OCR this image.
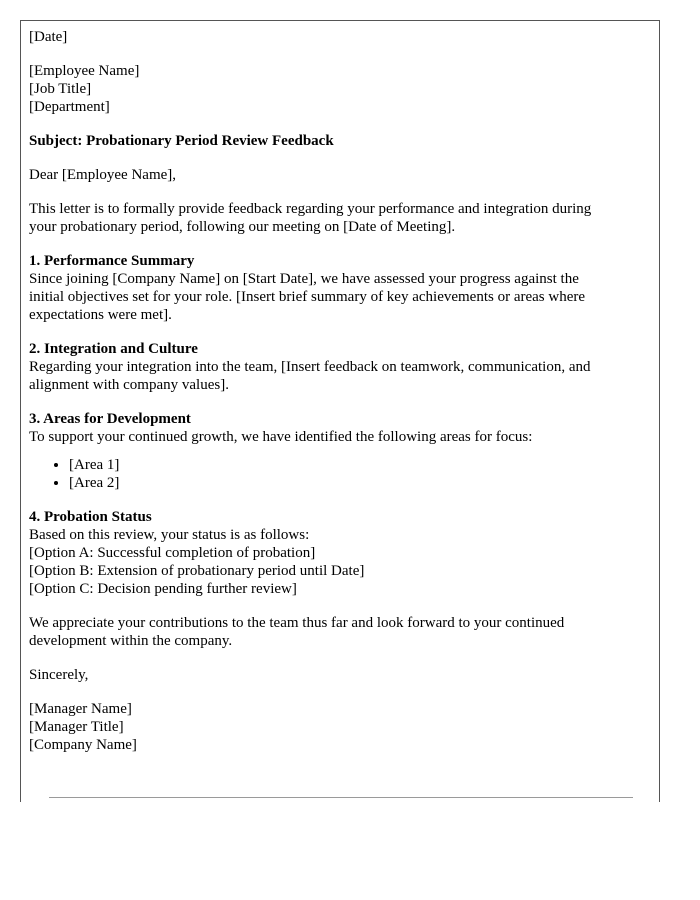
[Date]

[Employee Name]
[Job Title]
[Department]

Subject: Probationary Period Review Feedback

Dear [Employee Name],

This letter is to formally provide feedback regarding your performance and integration during your probationary period, following our meeting on [Date of Meeting].

1. Performance Summary
Since joining [Company Name] on [Start Date], we have assessed your progress against the initial objectives set for your role. [Insert brief summary of key achievements or areas where expectations were met].
2. Integration and Culture
Regarding your integration into the team, [Insert feedback on teamwork, communication, and alignment with company values].
3. Areas for Development
To support your continued growth, we have identified the following areas for focus:
• [Area 1]
• [Area 2]
4. Probation Status
Based on this review, your status is as follows:
[Option A: Successful completion of probation]
[Option B: Extension of probationary period until Date]
[Option C: Decision pending further review]

We appreciate your contributions to the team thus far and look forward to your continued development within the company.

Sincerely,

[Manager Name]
[Manager Title]
[Company Name]
